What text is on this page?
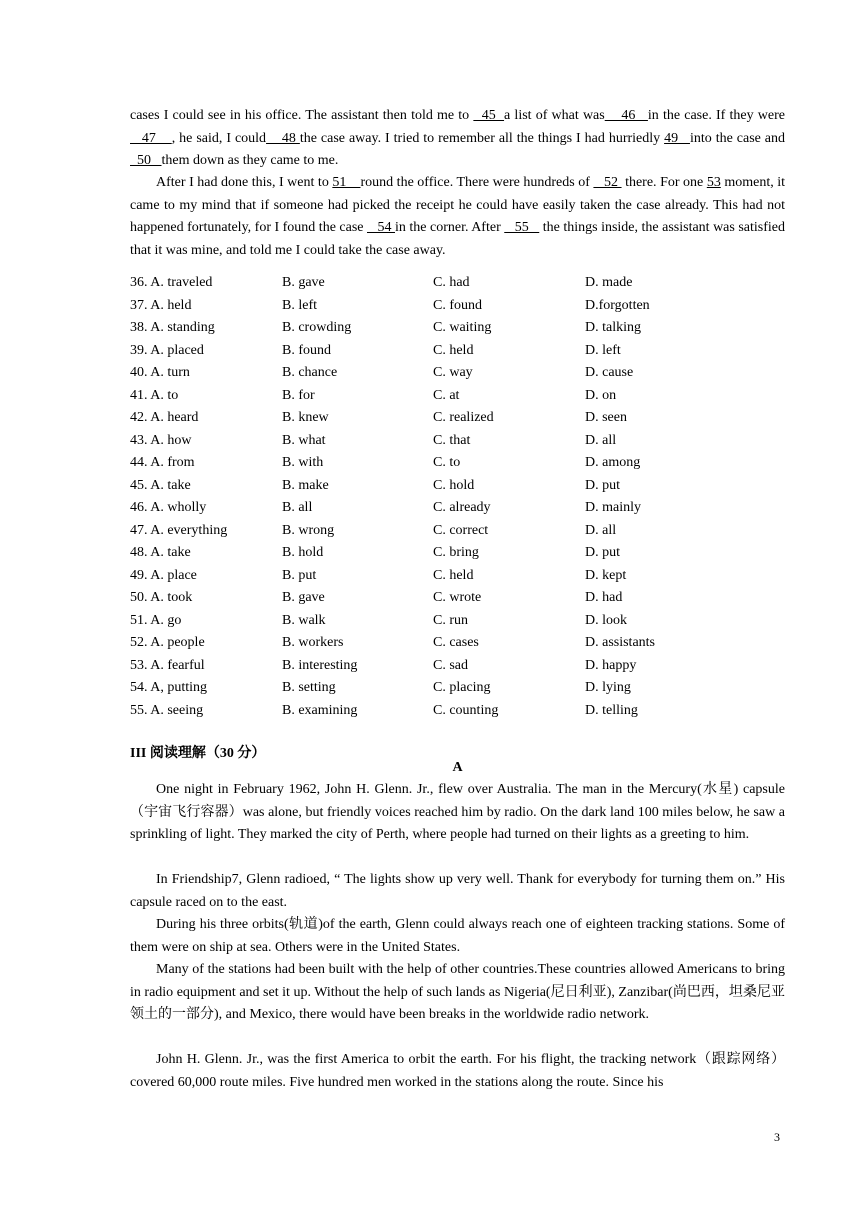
cases I could see in his office. The assistant then told me to   45  a list of what was    46   in the case. If they were    47    , he said, I could    48 the case away. I tried to remember all the things I had hurriedly 49   into the case and   50   them down as they came to me.

After I had done this, I went to 51    round the office. There were hundreds of    52  there. For one 53 moment, it came to my mind that if someone had picked the receipt he could have easily taken the case already. This had not happened fortunately, for I found the case    54 in the corner. After    55    the things inside, the assistant was satisfied that it was mine, and told me I could take the case away.

36. A. traveled	B. gave	C. had	D. made
37. A. held	B. left	C. found	D.forgotten
38. A. standing	B. crowding	C. waiting	D. talking
39. A. placed	B. found	C. held	D. left
40. A. turn	B. chance	C. way	D. cause
41. A. to	B. for	C. at	D. on
42. A. heard	B. knew	C. realized	D. seen
43. A. how	B. what	C. that	D. all
44. A. from	B. with	C. to	D. among
45. A. take	B. make	C. hold	D. put
46. A. wholly	B. all	C. already	D. mainly
47. A. everything	B. wrong	C. correct	D. all
48. A. take	B. hold	C. bring	D. put
49. A. place	B. put	C. held	D. kept
50. A. took	B. gave	C. wrote	D. had
51. A. go	B. walk	C. run	D. look
52. A. people	B. workers	C. cases	D. assistants
53. A. fearful	B. interesting	C. sad	D. happy
54. A, putting	B. setting	C. placing	D. lying
55. A. seeing	B. examining	C. counting	D. telling
III 阅读理解（30 分）
A

One night in February 1962, John H. Glenn. Jr., flew over Australia. The man in the Mercury(水星) capsule（宇宙飞行容器）was alone, but friendly voices reached him by radio. On the dark land 100 miles below, he saw a sprinkling of light. They marked the city of Perth, where people had turned on their lights as a greeting to him.

In Friendship7, Glenn radioed, “ The lights show up very well. Thank for everybody for turning them on.” His capsule raced on to the east.

During his three orbits(轨道)of the earth, Glenn could always reach one of eighteen tracking stations. Some of them were on ship at sea. Others were in the United States.

Many of the stations had been built with the help of other countries.These countries allowed Americans to bring in radio equipment and set it up. Without the help of such lands as Nigeria(尼日利亚), Zanzibar(尚巴西，坦桑尼亚领土的一部分), and Mexico, there would have been breaks in the worldwide radio network.

John H. Glenn. Jr., was the first America to orbit the earth. For his flight, the tracking network（跟踪网络） covered 60,000 route miles. Five hundred men worked in the stations along the route. Since his

3
